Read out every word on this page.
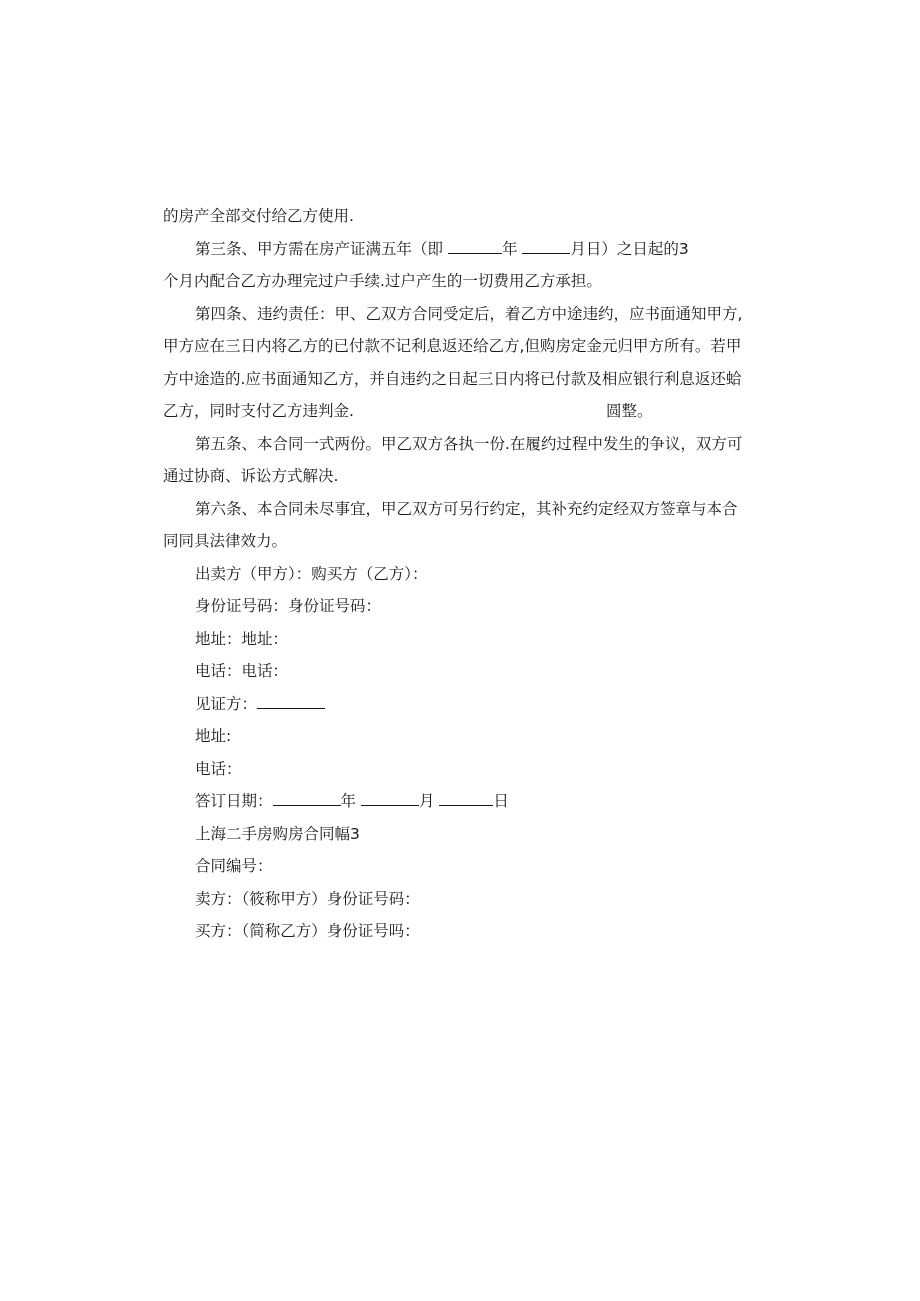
的房产全部交付给乙方使用.
第三条、甲方需在房产证满五年（即	年	月日）之日起的3
个月内配合乙方办理完过户手续.过户产生的一切费用乙方承担。
第四条、违约责任：甲、乙双方合同受定后，着乙方中途违约，应书面通知甲方,
甲方应在三日内将乙方的已付款不记利息返还给乙方,但购房定金元归甲方所有。若甲
方中途造的.应书面通知乙方，并自违约之日起三日内将已付款及相应银行利息返还蛤
乙方，同时支付乙方违判金.	圆整。
第五条、本合同一式两份。甲乙双方各执一份.在履约过程中发生的争议，双方可
通过协商、诉讼方式解决.
第六条、本合同未尽事宜，甲乙双方可另行约定，其补充约定经双方签章与本合
同同具法律效力。
出卖方（甲方）：购买方（乙方）：
身份证号码：身份证号码：
地址：地址：
电话：电话：
见证方：
地址:
电话：
答订日期：	年	月	日
上海二手房购房合同幅3
合同编号：
卖方：（筱称甲方）身份证号码：
买方：（简称乙方）身份证号吗：
